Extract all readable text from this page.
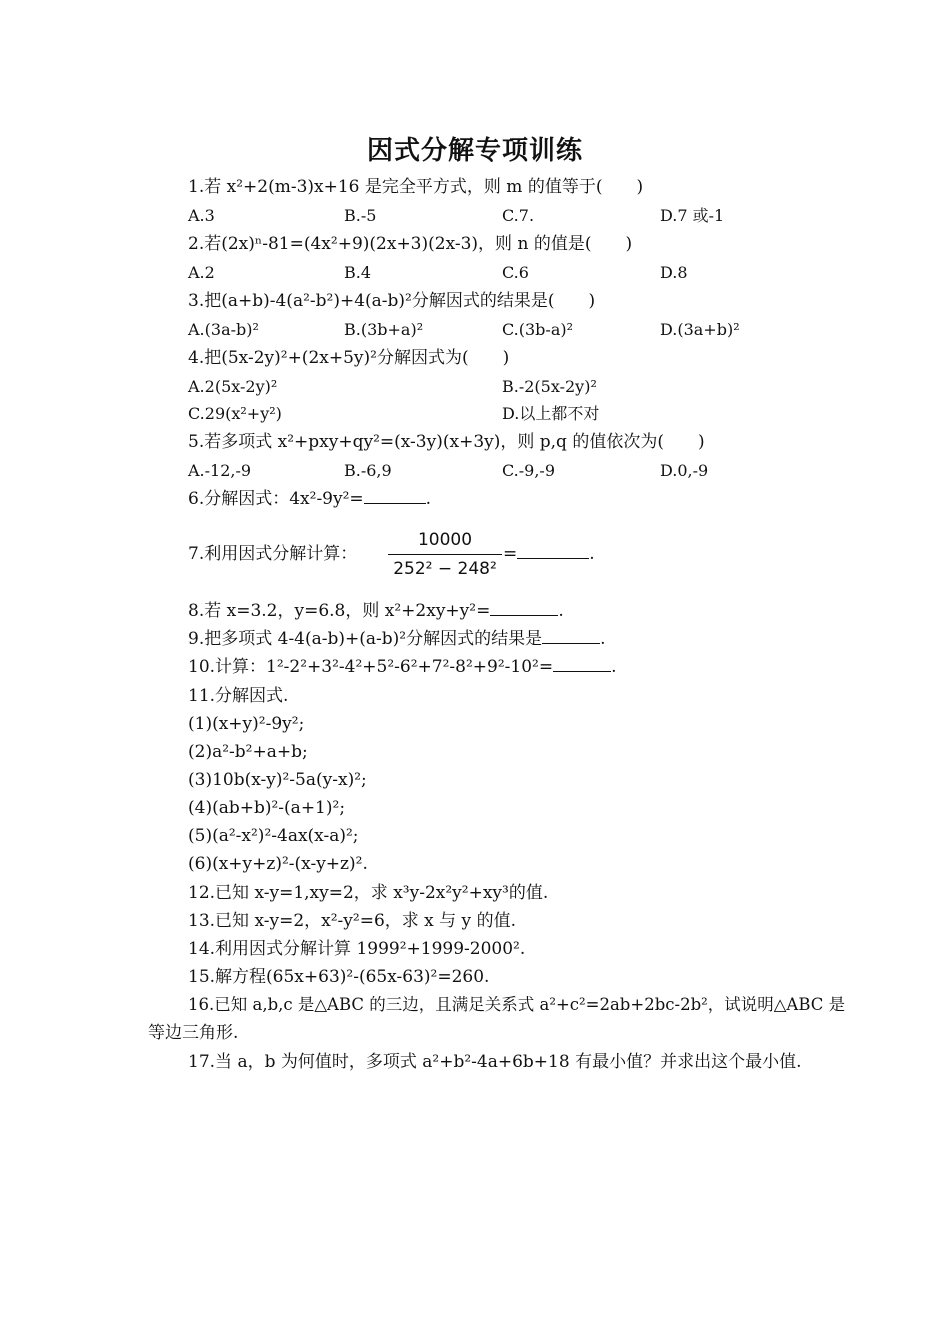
因式分解专项训练
1.若 x²+2(m-3)x+16 是完全平方式，则 m 的值等于(　　)
A.3	B.-5	C.7.	D.7 或-1
2.若(2x)ⁿ-81=(4x²+9)(2x+3)(2x-3)，则 n 的值是(　　)
A.2	B.4	C.6	D.8
3.把(a+b)-4(a²-b²)+4(a-b)²分解因式的结果是(　　)
A.(3a-b)²	B.(3b+a)²	C.(3b-a)²	D.(3a+b)²
4.把(5x-2y)²+(2x+5y)²分解因式为(　　)
A.2(5x-2y)²	B.-2(5x-2y)²
C.29(x²+y²)	D.以上都不对
5.若多项式 x²+pxy+qy²=(x-3y)(x+3y)，则 p,q 的值依次为(　　)
A.-12,-9	B.-6,9	C.-9,-9	D.0,-9
6.分解因式：4x²-9y²=	.
7.利用因式分解计算：
10000
252² − 248²
=	.
8.若 x=3.2，y=6.8，则 x²+2xy+y²=	.
9.把多项式 4-4(a-b)+(a-b)²分解因式的结果是	.
10.计算：1²-2²+3²-4²+5²-6²+7²-8²+9²-10²=	.
11.分解因式.
(1)(x+y)²-9y²;
(2)a²-b²+a+b;
(3)10b(x-y)²-5a(y-x)²;
(4)(ab+b)²-(a+1)²;
(5)(a²-x²)²-4ax(x-a)²;
(6)(x+y+z)²-(x-y+z)².
12.已知 x-y=1,xy=2，求 x³y-2x²y²+xy³的值.
13.已知 x-y=2，x²-y²=6，求 x 与 y 的值.
14.利用因式分解计算 1999²+1999-2000².
15.解方程(65x+63)²-(65x-63)²=260.
16.已知 a,b,c 是△ABC 的三边，且满足关系式 a²+c²=2ab+2bc-2b²，试说明△ABC 是
等边三角形.
17.当 a，b 为何值时，多项式 a²+b²-4a+6b+18 有最小值？并求出这个最小值.
